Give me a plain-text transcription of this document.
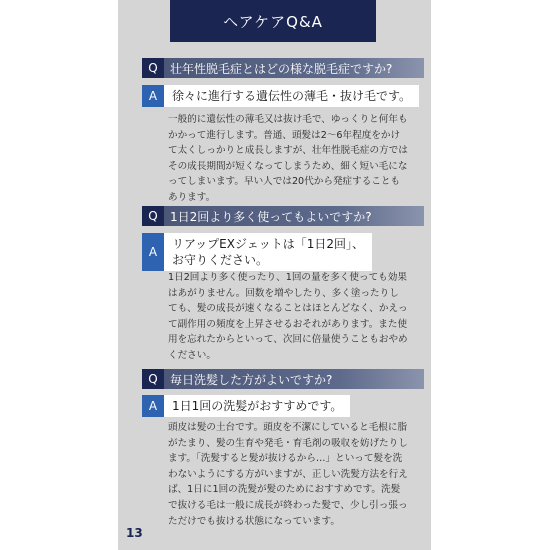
ヘアケアQ&A
Q	壮年性脱毛症とはどの様な脱毛症ですか?
A	徐々に進行する遺伝性の薄毛・抜け毛です。
一般的に遺伝性の薄毛又は抜け毛で、ゆっくりと何年もかかって進行します。普通、頭髪は2～6年程度をかけて太くしっかりと成長しますが、壮年性脱毛症の方ではその成長期間が短くなってしまうため、細く短い毛になってしまいます。早い人では20代から発症することもあります。
Q	1日2回より多く使ってもよいですか?
A
リアップEXジェットは「1日2回」、
お守りください。
1日2回より多く使ったり、1回の量を多く使っても効果はあがりません。回数を増やしたり、多く塗ったりしても、髪の成長が速くなることはほとんどなく、かえって副作用の頻度を上昇させるおそれがあります。また使用を忘れたからといって、次回に倍量使うこともおやめください。
Q	毎日洗髪した方がよいですか?
A	1日1回の洗髪がおすすめです。
頭皮は髪の土台です。頭皮を不潔にしていると毛根に脂がたまり、髪の生育や発毛・育毛剤の吸収を妨げたりします。「洗髪すると髪が抜けるから…」といって髪を洗わないようにする方がいますが、正しい洗髪方法を行えば、1日に1回の洗髪が髪のためにおすすめです。洗髪で抜ける毛は一般に成長が終わった髪で、少し引っ張っただけでも抜ける状態になっています。
13
